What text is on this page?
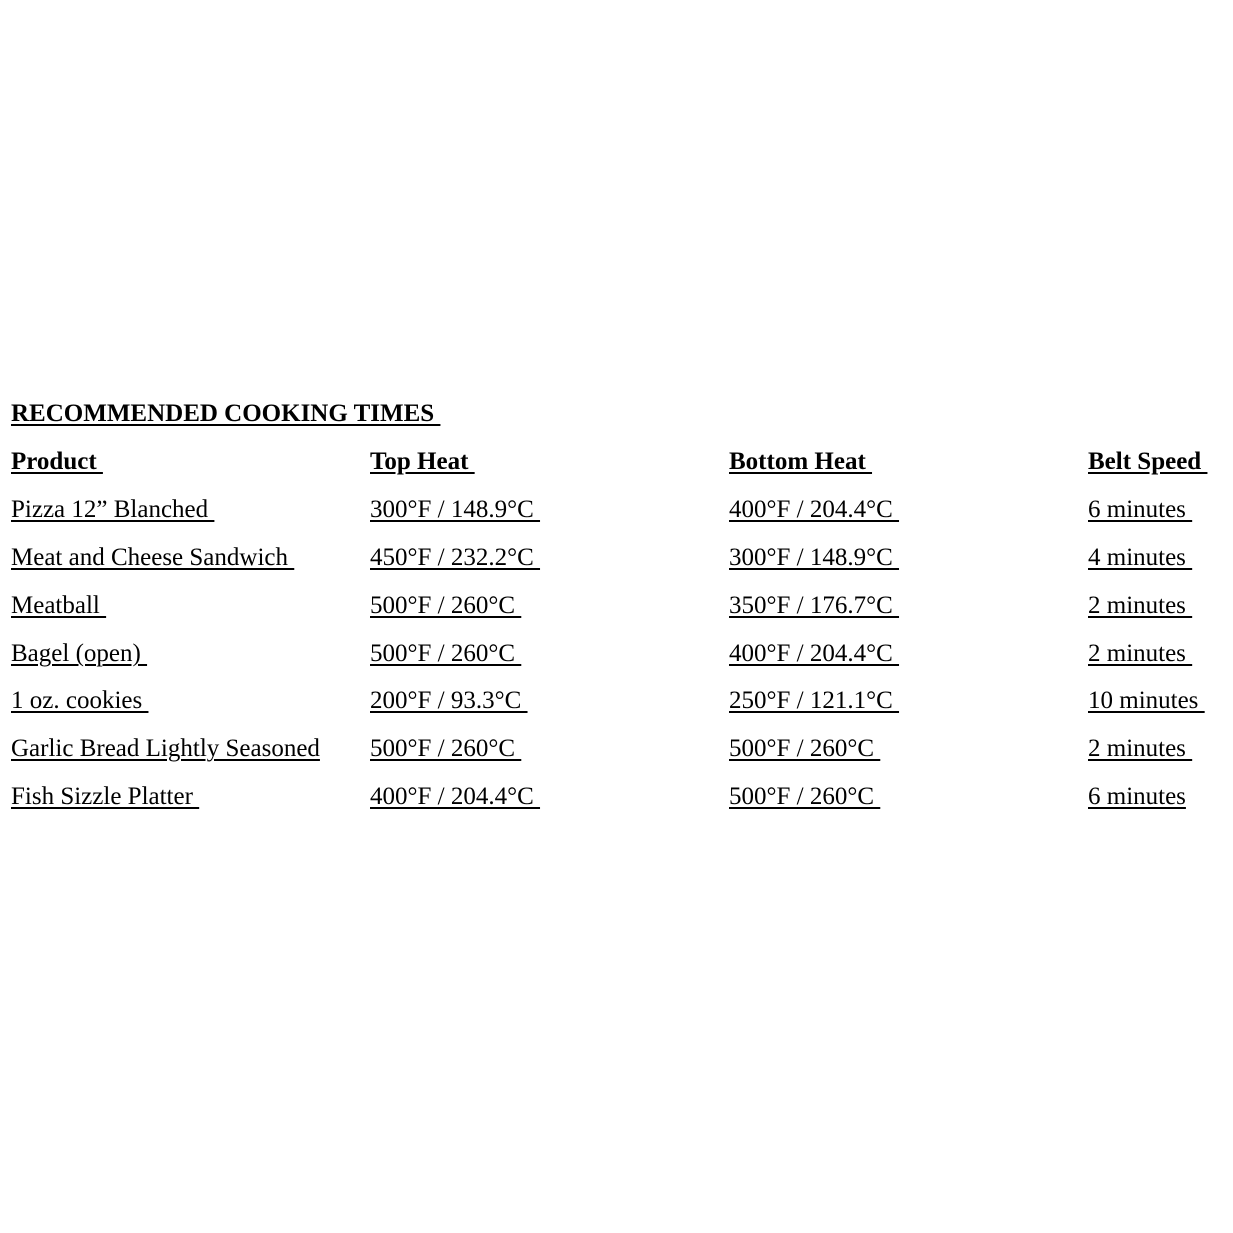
RECOMMENDED COOKING TIMES
Product	Top Heat	Bottom Heat	Belt Speed
Pizza 12” Blanched	300°F / 148.9°C	400°F / 204.4°C	6 minutes
Meat and Cheese Sandwich	450°F / 232.2°C	300°F / 148.9°C	4 minutes
Meatball	500°F / 260°C	350°F / 176.7°C	2 minutes
Bagel (open)	500°F / 260°C	400°F / 204.4°C	2 minutes
1 oz. cookies	200°F / 93.3°C	250°F / 121.1°C	10 minutes
Garlic Bread Lightly Seasoned 500°F / 260°C	500°F / 260°C	2 minutes
Fish Sizzle Platter	400°F / 204.4°C	500°F / 260°C	6 minutes
